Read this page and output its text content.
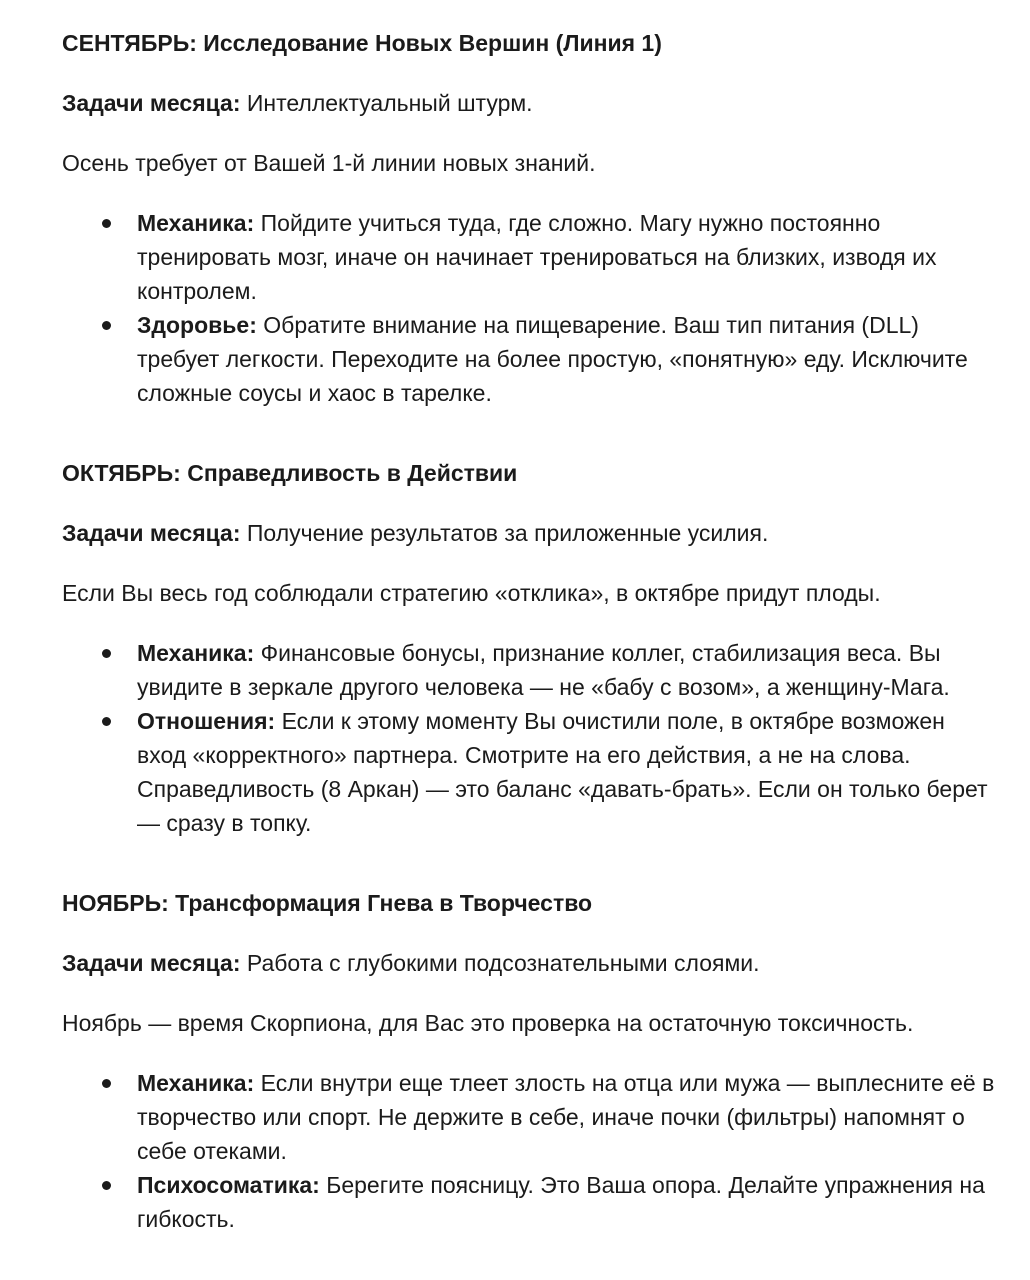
СЕНТЯБРЬ: Исследование Новых Вершин (Линия 1)

Задачи месяца: Интеллектуальный штурм.

Осень требует от Вашей 1-й линии новых знаний.

Механика: Пойдите учиться туда, где сложно. Магу нужно постоянно тренировать мозг, иначе он начинает тренироваться на близких, изводя их контролем.
Здоровье: Обратите внимание на пищеварение. Ваш тип питания (DLL) требует легкости. Переходите на более простую, «понятную» еду. Исключите сложные соусы и хаос в тарелке.
ОКТЯБРЬ: Справедливость в Действии

Задачи месяца: Получение результатов за приложенные усилия.

Если Вы весь год соблюдали стратегию «отклика», в октябре придут плоды.

Механика: Финансовые бонусы, признание коллег, стабилизация веса. Вы увидите в зеркале другого человека — не «бабу с возом», а женщину-Мага.
Отношения: Если к этому моменту Вы очистили поле, в октябре возможен вход «корректного» партнера. Смотрите на его действия, а не на слова. Справедливость (8 Аркан) — это баланс «давать-брать». Если он только берет — сразу в топку.
НОЯБРЬ: Трансформация Гнева в Творчество

Задачи месяца: Работа с глубокими подсознательными слоями.

Ноябрь — время Скорпиона, для Вас это проверка на остаточную токсичность.

Механика: Если внутри еще тлеет злость на отца или мужа — выплесните её в творчество или спорт. Не держите в себе, иначе почки (фильтры) напомнят о себе отеками.
Психосоматика: Берегите поясницу. Это Ваша опора. Делайте упражнения на гибкость.
